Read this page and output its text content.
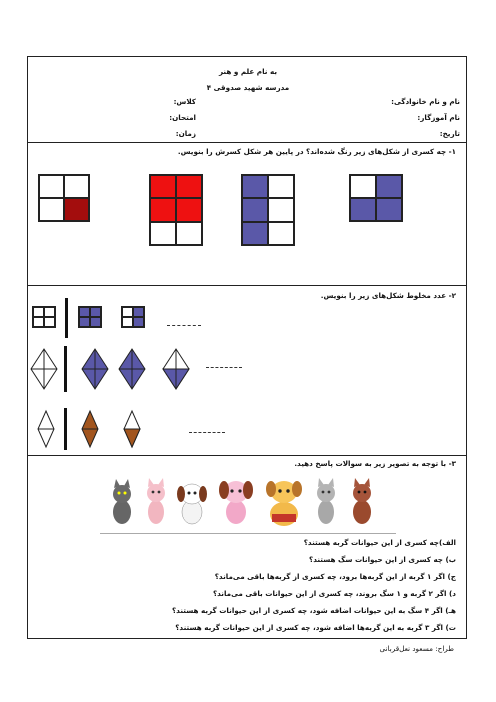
به نام علم و هنر
مدرسه شهید صدوقی ۴
نام و نام خانوادگی:
کلاس:
نام آموزگار:
امتحان:
تاریخ:
زمان:
۱- چه کسری از شکل‌های زیر رنگ شده‌اند؟ در پایین هر شکل کسرش را بنویس.
۲- عدد مخلوط شکل‌های زیر را بنویس.
۳- با توجه به تصویر زیر به سوالات پاسخ دهید.
الف)چه کسری از این حیوانات گربه هستند؟
ب) چه کسری از این حیوانات سگ هستند؟
ج) اگر ۱ گربه از این گربه‌ها برود، چه کسری از گربه‌ها باقی می‌ماند؟
د) اگر ۲ گربه و ۱ سگ بروند، چه کسری از این حیوانات باقی می‌ماند؟
هـ) اگر ۴ سگ به این حیوانات اضافه شود، چه کسری از این حیوانات گربه هستند؟
ت) اگر ۳ گربه به این گربه‌ها اضافه شود، چه کسری از این حیوانات گربه هستند؟
طراح: مسعود نعل‌قربانی
